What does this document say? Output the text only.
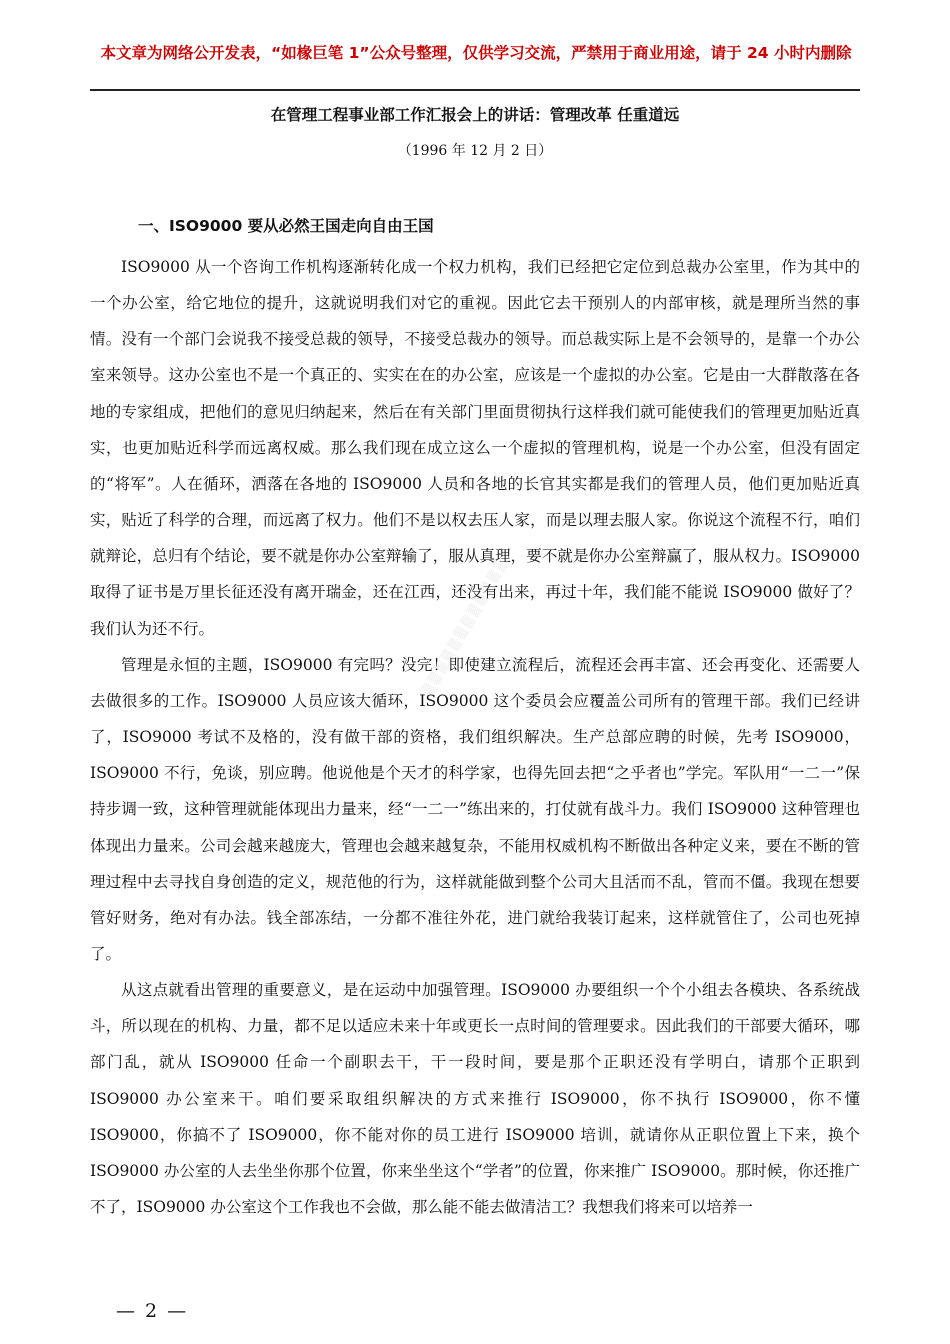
本文章为网络公开发表，“如椽巨笔 1”公众号整理，仅供学习交流，严禁用于商业用途，请于 24 小时内删除
在管理工程事业部工作汇报会上的讲话：管理改革 任重道远
（1996 年 12 月 2 日）
一、ISO9000 要从必然王国走向自由王国

ISO9000 从一个咨询工作机构逐渐转化成一个权力机构，我们已经把它定位到总裁办公室里，作为其中的一个办公室，给它地位的提升，这就说明我们对它的重视。因此它去干预别人的内部审核，就是理所当然的事情。没有一个部门会说我不接受总裁的领导，不接受总裁办的领导。而总裁实际上是不会领导的，是靠一个办公室来领导。这办公室也不是一个真正的、实实在在的办公室，应该是一个虚拟的办公室。它是由一大群散落在各地的专家组成，把他们的意见归纳起来，然后在有关部门里面贯彻执行这样我们就可能使我们的管理更加贴近真实，也更加贴近科学而远离权威。那么我们现在成立这么一个虚拟的管理机构，说是一个办公室，但没有固定的“将军”。人在循环，洒落在各地的 ISO9000 人员和各地的长官其实都是我们的管理人员，他们更加贴近真实，贴近了科学的合理，而远离了权力。他们不是以权去压人家，而是以理去服人家。你说这个流程不行，咱们就辩论，总归有个结论，要不就是你办公室辩输了，服从真理，要不就是你办公室辩赢了，服从权力。ISO9000 取得了证书是万里长征还没有离开瑞金，还在江西，还没有出来，再过十年，我们能不能说 ISO9000 做好了？我们认为还不行。

管理是永恒的主题，ISO9000 有完吗？没完！即使建立流程后，流程还会再丰富、还会再变化、还需要人去做很多的工作。ISO9000 人员应该大循环，ISO9000 这个委员会应覆盖公司所有的管理干部。我们已经讲了，ISO9000 考试不及格的，没有做干部的资格，我们组织解决。生产总部应聘的时候，先考 ISO9000，ISO9000 不行，免谈，别应聘。他说他是个天才的科学家，也得先回去把“之乎者也”学完。军队用“一二一”保持步调一致，这种管理就能体现出力量来，经“一二一”练出来的，打仗就有战斗力。我们 ISO9000 这种管理也体现出力量来。公司会越来越庞大，管理也会越来越复杂，不能用权威机构不断做出各种定义来，要在不断的管理过程中去寻找自身创造的定义，规范他的行为，这样就能做到整个公司大且活而不乱，管而不僵。我现在想要管好财务，绝对有办法。钱全部冻结，一分都不准往外花，进门就给我装订起来，这样就管住了，公司也死掉了。

从这点就看出管理的重要意义，是在运动中加强管理。ISO9000 办要组织一个个小组去各模块、各系统战斗，所以现在的机构、力量，都不足以适应未来十年或更长一点时间的管理要求。因此我们的干部要大循环，哪部门乱，就从 ISO9000 任命一个副职去干，干一段时间，要是那个正职还没有学明白，请那个正职到 ISO9000 办公室来干。咱们要采取组织解决的方式来推行 ISO9000，你不执行 ISO9000，你不懂 ISO9000，你搞不了 ISO9000，你不能对你的员工进行 ISO9000 培训，就请你从正职位置上下来，换个 ISO9000 办公室的人去坐坐你那个位置，你来坐坐这个“学者”的位置，你来推广 ISO9000。那时候，你还推广不了，ISO9000 办公室这个工作我也不会做，那么能不能去做清洁工？我想我们将来可以培养一

▒ ▒ ▒ ▒ ▒ ▒ ▒ ▒ ▒ ▒ ▒ ▒
— 2 —
